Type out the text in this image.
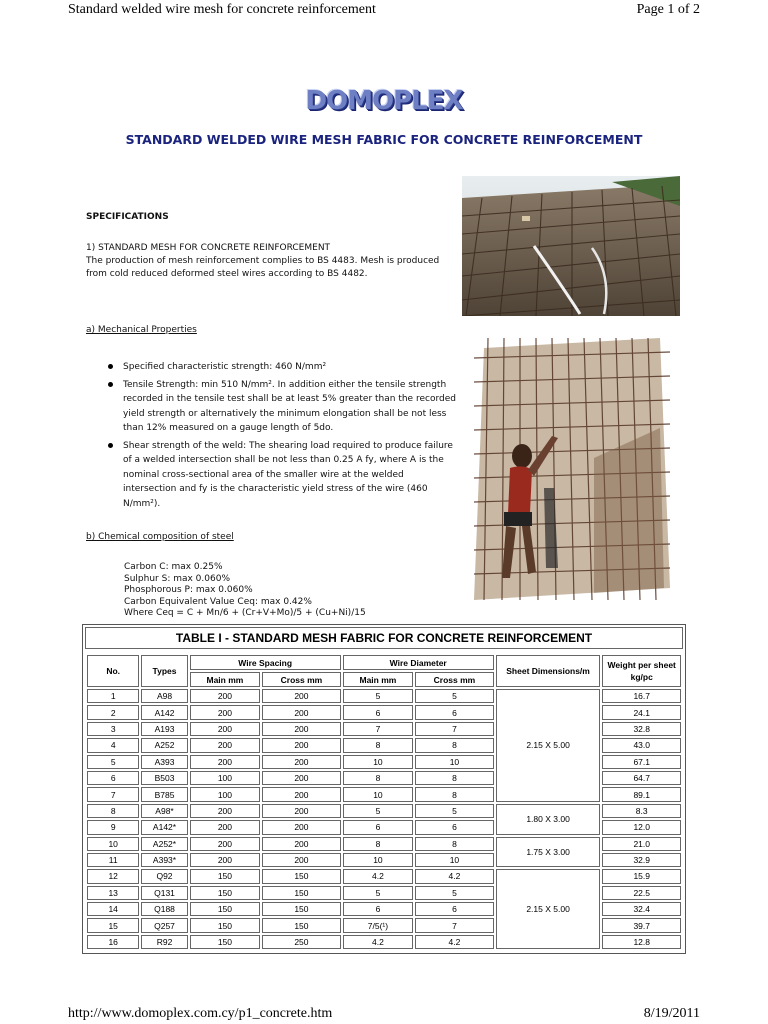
Standard welded wire mesh for concrete reinforcement	Page 1 of 2
DOMOPLEX
STANDARD WELDED WIRE MESH FABRIC FOR CONCRETE REINFORCEMENT
SPECIFICATIONS
1) STANDARD MESH FOR CONCRETE REINFORCEMENT
The production of mesh reinforcement complies to BS 4483. Mesh is produced from cold reduced deformed steel wires according to BS 4482.
a) Mechanical Properties
Specified characteristic strength: 460 N/mm²
Tensile Strength: min 510 N/mm². In addition either the tensile strength recorded in the tensile test shall be at least 5% greater than the recorded yield strength or alternatively the minimum elongation shall be not less than 12% measured on a gauge length of 5do.
Shear strength of the weld: The shearing load required to produce failure of a welded intersection shall be not less than 0.25 A fy, where A is the nominal cross-sectional area of the smaller wire at the welded intersection and fy is the characteristic yield stress of the wire (460 N/mm²).
b) Chemical composition of steel
Carbon C: max 0.25%
Sulphur S: max 0.060%
Phosphorous P: max 0.060%
Carbon Equivalent Value Ceq: max 0.42%
Where Ceq = C + Mn/6 + (Cr+V+Mo)/5 + (Cu+Ni)/15
TABLE I - STANDARD MESH FABRIC FOR CONCRETE REINFORCEMENT
No.	Types	Wire Spacing		Wire Diameter		Sheet Dimensions/m	Weight per sheet kg/pc
		Main mm	Cross mm	Main mm	Cross mm		
1	A98	200	200	5	5	2.15 X 5.00	16.7
2	A142	200	200	6	6		24.1
3	A193	200	200	7	7		32.8
4	A252	200	200	8	8		43.0
5	A393	200	200	10	10		67.1
6	B503	100	200	8	8		64.7
7	B785	100	200	10	8		89.1
8	A98*	200	200	5	5	1.80 X 3.00	8.3
9	A142*	200	200	6	6		12.0
10	A252*	200	200	8	8	1.75 X 3.00	21.0
11	A393*	200	200	10	10		32.9
12	Q92	150	150	4.2	4.2	2.15 X 5.00	15.9
13	Q131	150	150	5	5		22.5
14	Q188	150	150	6	6		32.4
15	Q257	150	150	7/5(¹)	7		39.7
16	R92	150	250	4.2	4.2		12.8
http://www.domoplex.com.cy/p1_concrete.htm	8/19/2011
